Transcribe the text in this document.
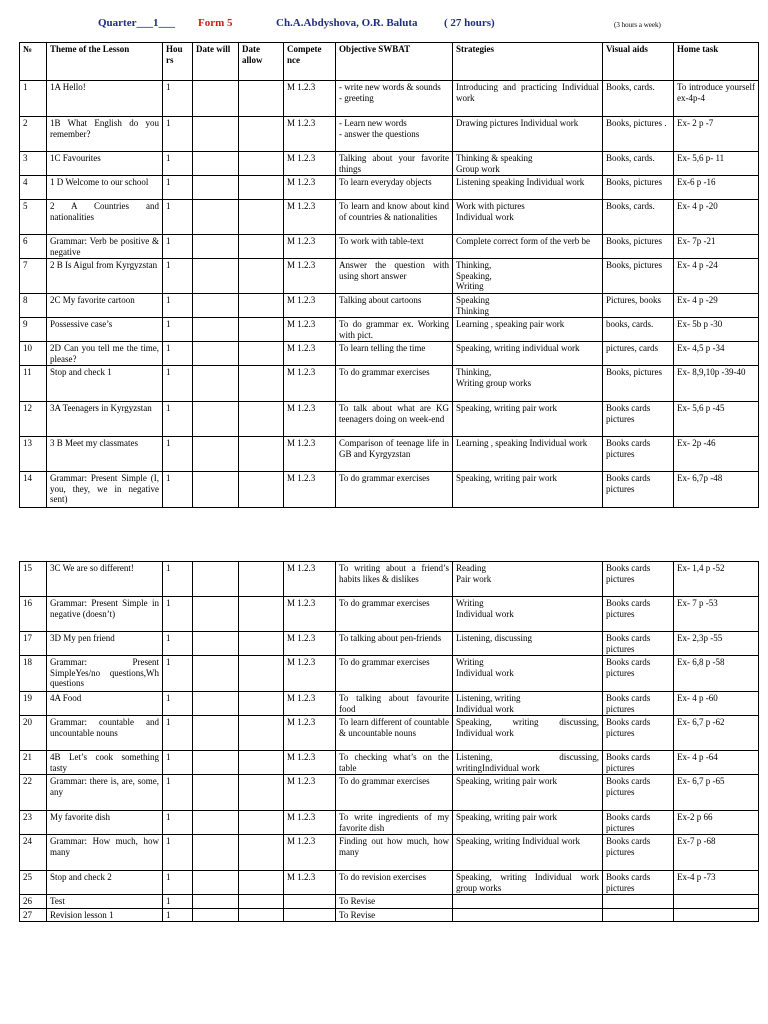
Quarter___1___ Form 5	Ch.A.Abdyshova, O.R. Baluta ( 27 hours)	(3 hours a week)
№	Theme of the Lesson	Hou rs	Date will	Date allow	Compete nce	Objective SWBAT	Strategies	Visual aids	Home task
1	1A Hello!	1			M 1.2.3	- write new words & sounds
- greeting	Introducing and practicing Individual work	Books, cards.	To introduce yourself ex-4p-4
2	1B What English do you remember?	1			M 1.2.3	- Learn new words
- answer the questions	Drawing pictures Individual work	Books, pictures .	Ex- 2 p -7
3	1C Favourites	1			M 1.2.3	Talking about your favorite things	Thinking & speaking
Group work	Books, cards.	Ex- 5,6 p- 11
4	1 D Welcome to our school	1			M 1.2.3	To learn everyday objects	Listening speaking Individual work	Books, pictures	Ex-6 p -16
5	2 A Countries and nationalities	1			M 1.2.3	To learn and know about kind of countries & nationalities	Work with pictures
Individual work	Books, cards.	Ex- 4 p -20
6	Grammar: Verb be positive & negative	1			M 1.2.3	To work with table-text	Complete correct form of the verb be	Books, pictures	Ex- 7p -21
7	2 B Is Aigul from Kyrgyzstan	1			M 1.2.3	Answer the question with using short answer	Thinking,
Speaking,
Writing	Books, pictures	Ex- 4 p -24
8	2C My favorite cartoon	1			M 1.2.3	Talking about cartoons	Speaking
Thinking	Pictures, books	Ex- 4 p -29
9	Possessive case’s	1			M 1.2.3	To do grammar ex. Working with pict.	Learning , speaking pair work	books, cards.	Ex- 5b p -30
10	2D Can you tell me the time, please?	1			M 1.2.3	To learn telling the time	Speaking, writing individual work	pictures, cards	Ex- 4,5 p -34
11	Stop and check 1	1			M 1.2.3	To do grammar exercises	Thinking,
Writing group works	Books, pictures	Ex- 8,9,10p -39-40
12	3A Teenagers in Kyrgyzstan	1			M 1.2.3	To talk about what are KG teenagers doing on week-end	Speaking, writing pair work	Books cards pictures	Ex- 5,6 p -45
13	3 B Meet my classmates	1			M 1.2.3	Comparison of teenage life in GB and Kyrgyzstan	Learning , speaking Individual work	Books cards pictures	Ex- 2p -46
14	Grammar: Present Simple (I, you, they, we in negative sent)	1			M 1.2.3	To do grammar exercises	Speaking, writing pair work	Books cards pictures	Ex- 6,7p -48
15	3C We are so different!	1			M 1.2.3	To writing about a friend’s habits likes & dislikes	Reading
Pair work	Books cards pictures	Ex- 1,4 p -52
16	Grammar: Present Simple in negative (doesn’t)	1			M 1.2.3	To do grammar exercises	Writing
Individual work	Books cards pictures	Ex- 7 p -53
17	3D My pen friend	1			M 1.2.3	To talking about pen-friends	Listening, discussing	Books cards pictures	Ex- 2,3p -55
18	Grammar: Present SimpleYes/no questions,Wh questions	1			M 1.2.3	To do grammar exercises	Writing
Individual work	Books cards pictures	Ex- 6,8 p -58
19	4A Food	1			M 1.2.3	To talking about favourite food	Listening, writing
Individual work	Books cards pictures	Ex- 4 p -60
20	Grammar: countable and uncountable nouns	1			M 1.2.3	To learn different of countable & uncountable nouns	Speaking, writing discussing, Individual work	Books cards pictures	Ex- 6,7 p -62
21	4B Let’s cook something tasty	1			M 1.2.3	To checking what’s on the table	Listening, discussing, writingIndividual work	Books cards pictures	Ex- 4 p -64
22	Grammar: there is, are, some, any	1			M 1.2.3	To do grammar exercises	Speaking, writing pair work	Books cards pictures	Ex- 6,7 p -65
23	My favorite dish	1			M 1.2.3	To write ingredients of my favorite dish	Speaking, writing pair work	Books cards pictures	Ex-2 p 66
24	Grammar: How much, how many	1			M 1.2.3	Finding out how much, how many	Speaking, writing Individual work	Books cards pictures	Ex-7 p -68
25	Stop and check 2	1			M 1.2.3	To do revision exercises	Speaking, writing Individual work group works	Books cards pictures	Ex-4 p -73
26	Test	1				To Revise			
27	Revision lesson 1	1				To Revise			
